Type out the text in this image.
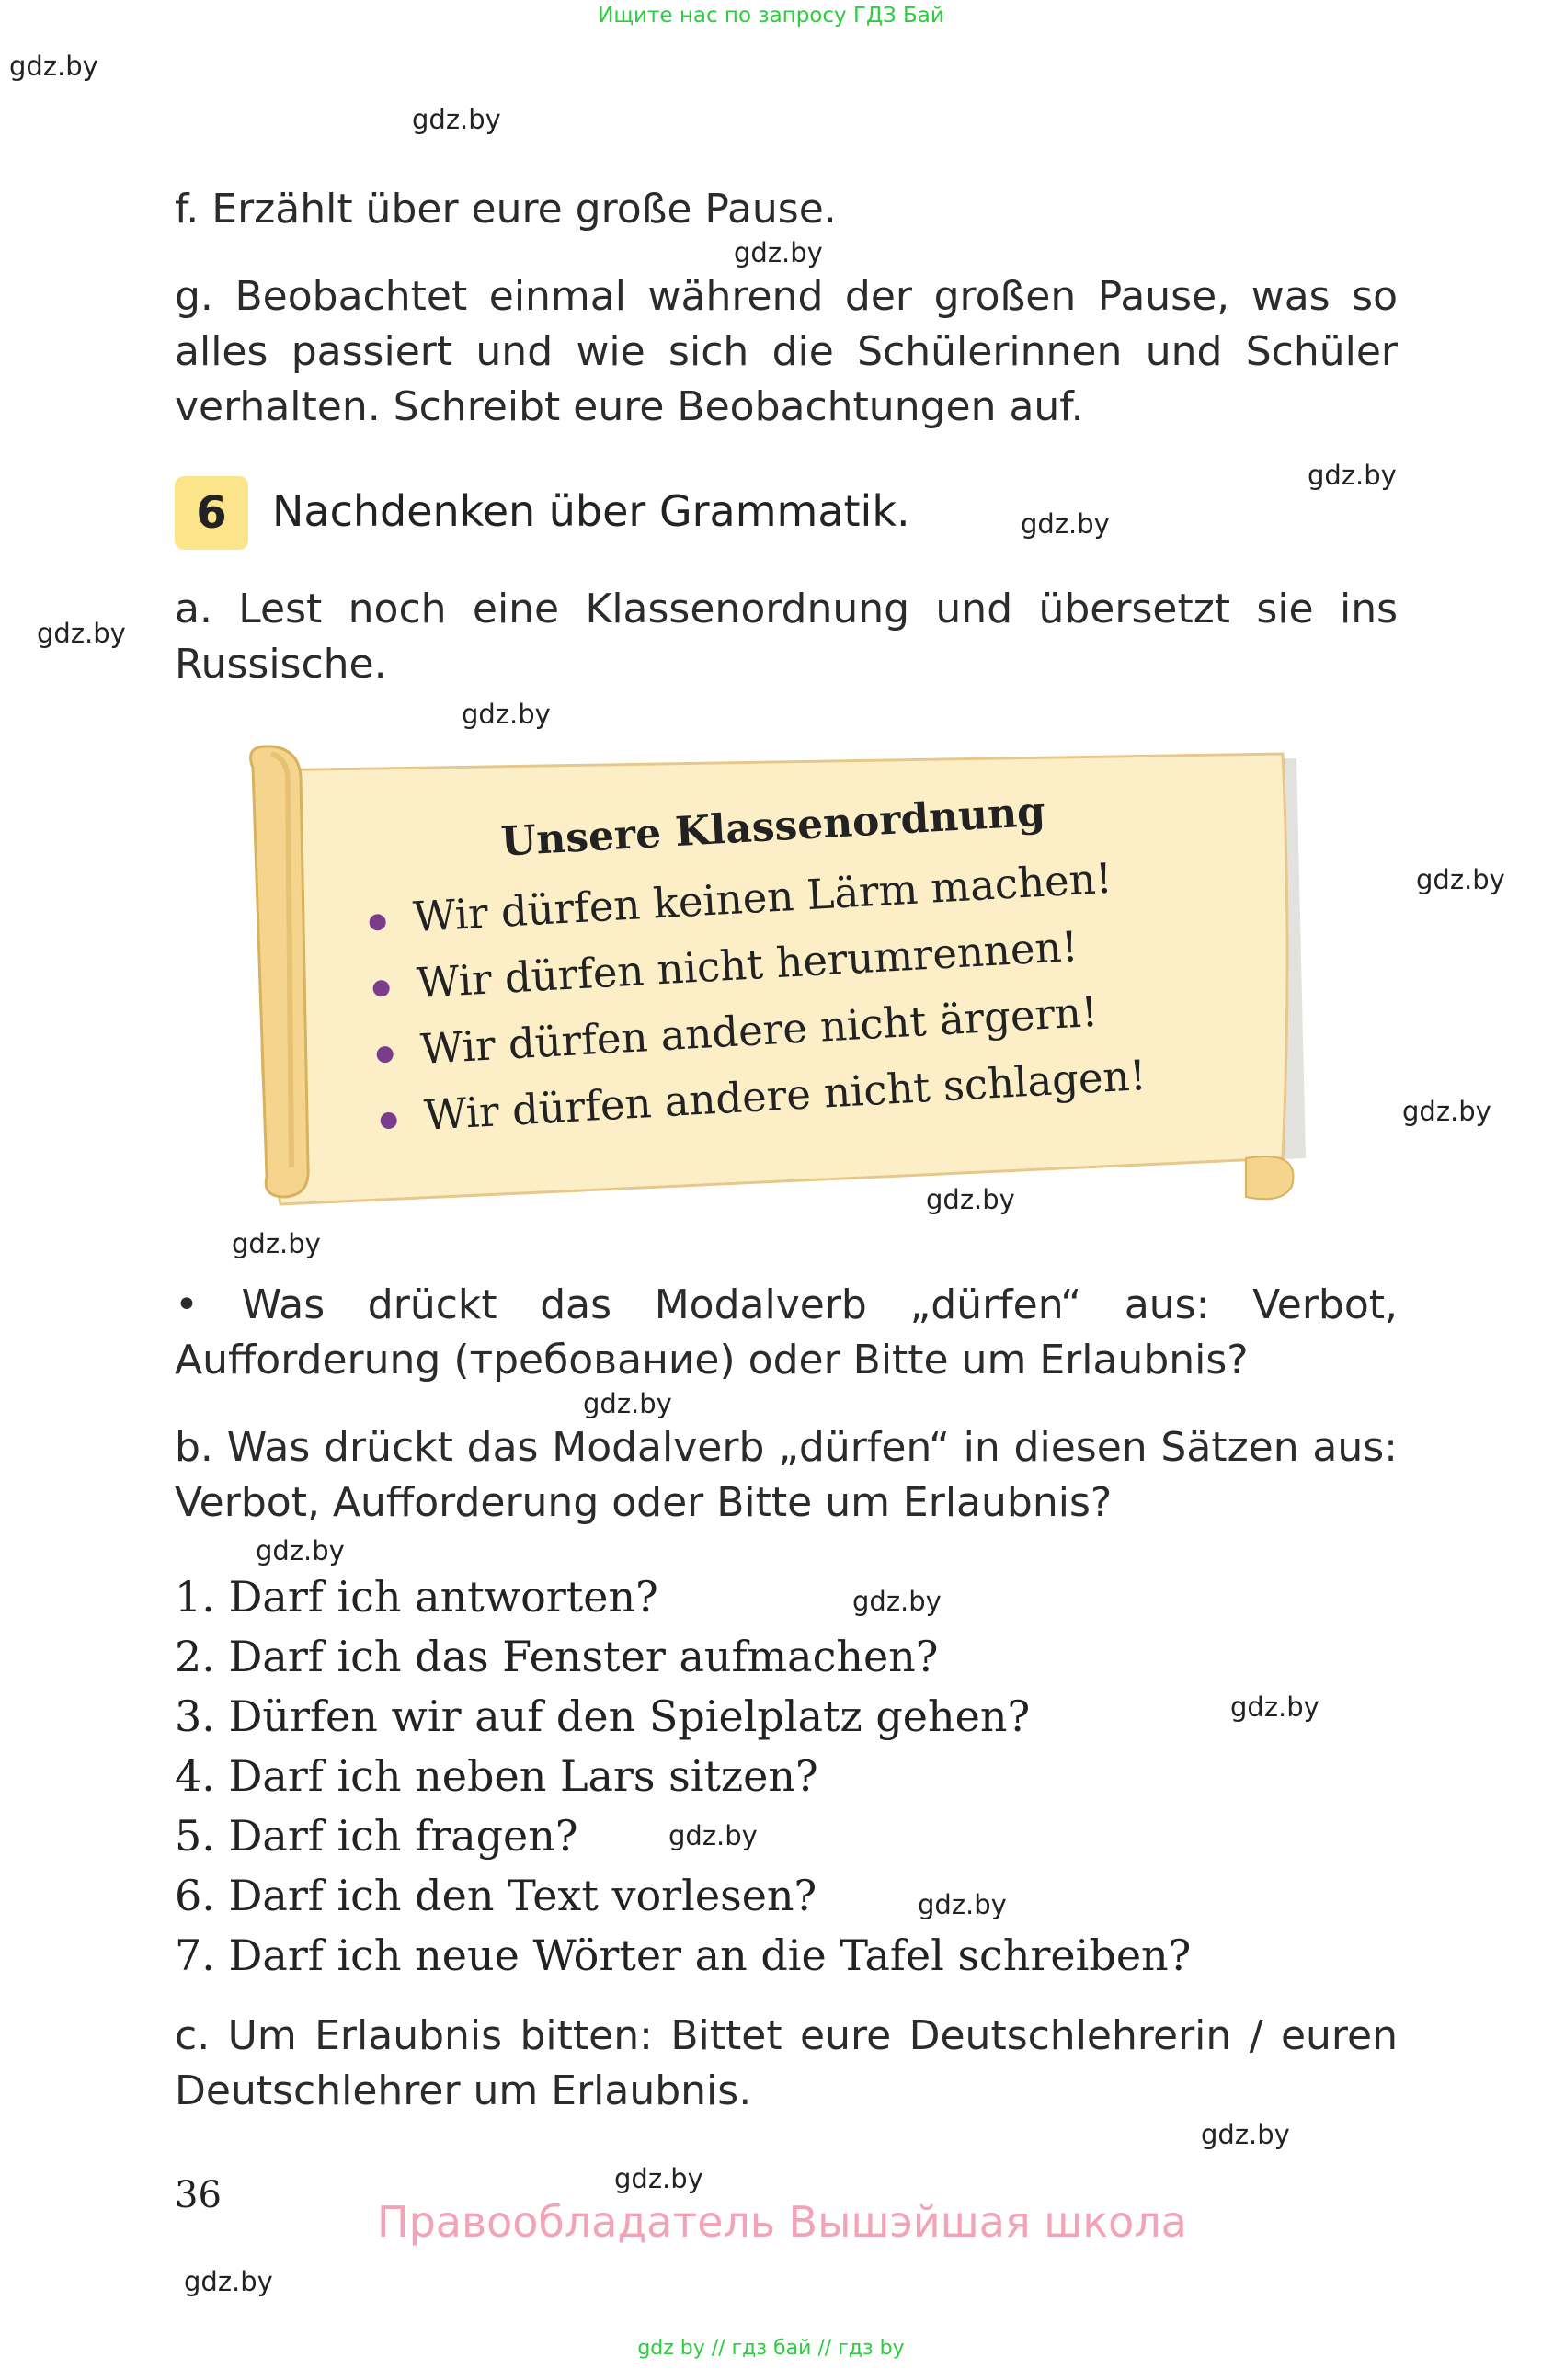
Ищите нас по запросу ГДЗ Бай
gdz.by
gdz.by
gdz.by
gdz.by
gdz.by
gdz.by
gdz.by
gdz.by
gdz.by
gdz.by
gdz.by
gdz.by
gdz.by
gdz.by
gdz.by
gdz.by
gdz.by
gdz.by
gdz.by
gdz.by
f. Erzählt über eure große Pause.
g. Beobachtet einmal während der großen Pause, was so alles passiert und wie sich die Schülerinnen und Schüler verhalten. Schreibt eure Beobachtungen auf.
6	Nachdenken über Grammatik.
a. Lest noch eine Klassenordnung und übersetzt sie ins Russische.
Unsere Klassenordnung
Wir dürfen keinen Lärm machen!
Wir dürfen nicht herumrennen!
Wir dürfen andere nicht ärgern!
Wir dürfen andere nicht schlagen!
• Was drückt das Modalverb „dürfen“ aus: Verbot, Aufforderung (требование) oder Bitte um Erlaubnis?
b. Was drückt das Modalverb „dürfen“ in diesen Sätzen aus: Verbot, Aufforderung oder Bitte um Erlaubnis?
1. Darf ich antworten?
2. Darf ich das Fenster aufmachen?
3. Dürfen wir auf den Spielplatz gehen?
4. Darf ich neben Lars sitzen?
5. Darf ich fragen?
6. Darf ich den Text vorlesen?
7. Darf ich neue Wörter an die Tafel schreiben?
c. Um Erlaubnis bitten: Bittet eure Deutschlehrerin / euren Deutschlehrer um Erlaubnis.
36
Правообладатель Вышэйшая школа
gdz by // гдз бай // гдз by
